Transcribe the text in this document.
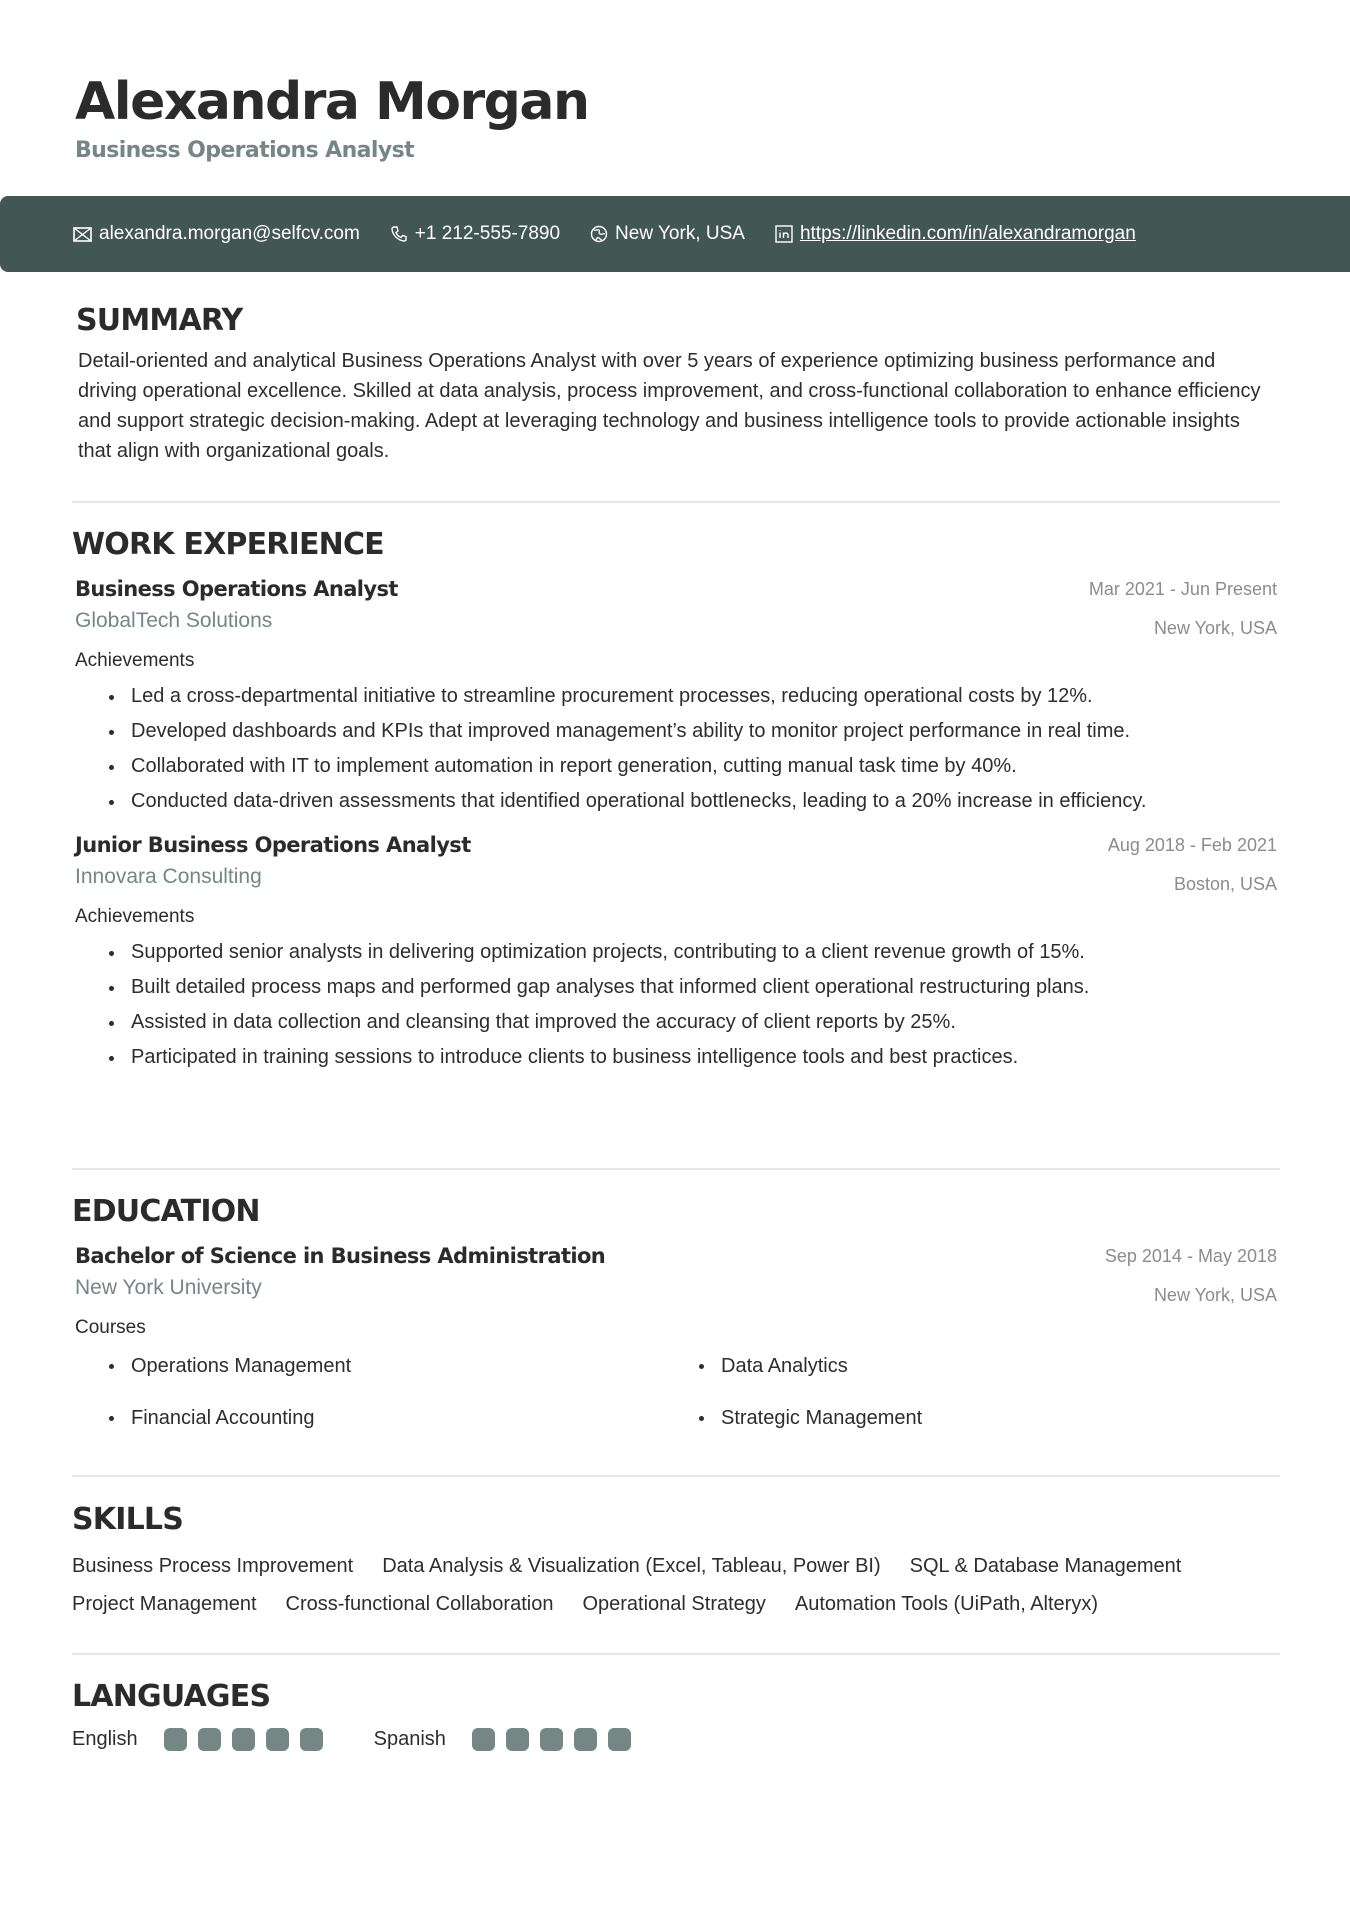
Alexandra Morgan
Business Operations Analyst
alexandra.morgan@selfcv.com	+1 212-555-7890	New York, USA	https://linkedin.com/in/alexandramorgan
SUMMARY
Detail-oriented and analytical Business Operations Analyst with over 5 years of experience optimizing business performance and driving operational excellence. Skilled at data analysis, process improvement, and cross-functional collaboration to enhance efficiency and support strategic decision-making. Adept at leveraging technology and business intelligence tools to provide actionable insights that align with organizational goals.
WORK EXPERIENCE
Business Operations Analyst
GlobalTech Solutions
Mar 2021 - Jun Present
New York, USA
Achievements
Led a cross-departmental initiative to streamline procurement processes, reducing operational costs by 12%.
Developed dashboards and KPIs that improved management’s ability to monitor project performance in real time.
Collaborated with IT to implement automation in report generation, cutting manual task time by 40%.
Conducted data-driven assessments that identified operational bottlenecks, leading to a 20% increase in efficiency.
Junior Business Operations Analyst
Innovara Consulting
Aug 2018 - Feb 2021
Boston, USA
Achievements
Supported senior analysts in delivering optimization projects, contributing to a client revenue growth of 15%.
Built detailed process maps and performed gap analyses that informed client operational restructuring plans.
Assisted in data collection and cleansing that improved the accuracy of client reports by 25%.
Participated in training sessions to introduce clients to business intelligence tools and best practices.
EDUCATION
Bachelor of Science in Business Administration
New York University
Sep 2014 - May 2018
New York, USA
Courses
Operations Management	Data Analytics
Financial Accounting	Strategic Management
SKILLS
Business Process Improvement Data Analysis & Visualization (Excel, Tableau, Power BI) SQL & Database Management
Project Management Cross-functional Collaboration Operational Strategy Automation Tools (UiPath, Alteryx)
LANGUAGES
English	Spanish
